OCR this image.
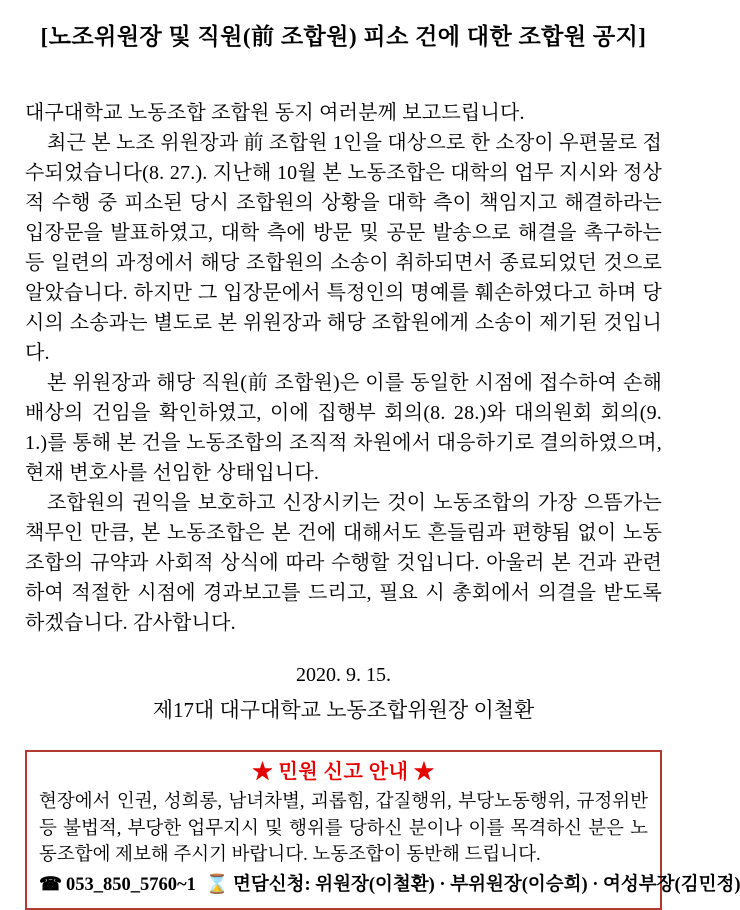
[노조위원장 및 직원(前 조합원) 피소 건에 대한 조합원 공지]

대구대학교 노동조합 조합원 동지 여러분께 보고드립니다.

최근 본 노조 위원장과 前 조합원 1인을 대상으로 한 소장이 우편물로 접수되었습니다(8. 27.). 지난해 10월 본 노동조합은 대학의 업무 지시와 정상적 수행 중 피소된 당시 조합원의 상황을 대학 측이 책임지고 해결하라는 입장문을 발표하였고, 대학 측에 방문 및 공문 발송으로 해결을 촉구하는 등 일련의 과정에서 해당 조합원의 소송이 취하되면서 종료되었던 것으로 알았습니다. 하지만 그 입장문에서 특정인의 명예를 훼손하였다고 하며 당시의 소송과는 별도로 본 위원장과 해당 조합원에게 소송이 제기된 것입니다.

본 위원장과 해당 직원(前 조합원)은 이를 동일한 시점에 접수하여 손해배상의 건임을 확인하였고, 이에 집행부 회의(8. 28.)와 대의원회 회의(9. 1.)를 통해 본 건을 노동조합의 조직적 차원에서 대응하기로 결의하였으며, 현재 변호사를 선임한 상태입니다.

조합원의 권익을 보호하고 신장시키는 것이 노동조합의 가장 으뜸가는 책무인 만큼, 본 노동조합은 본 건에 대해서도 흔들림과 편향됨 없이 노동조합의 규약과 사회적 상식에 따라 수행할 것입니다. 아울러 본 건과 관련하여 적절한 시점에 경과보고를 드리고, 필요 시 총회에서 의결을 받도록 하겠습니다. 감사합니다.

2020. 9. 15.
제17대 대구대학교 노동조합위원장 이철환
★ 민원 신고 안내 ★

현장에서 인권, 성희롱, 남녀차별, 괴롭힘, 갑질행위, 부당노동행위, 규정위반 등 불법적, 부당한 업무지시 및 행위를 당하신 분이나 이를 목격하신 분은 노동조합에 제보해 주시기 바랍니다. 노동조합이 동반해 드립니다.

☎ 053_850_5760~1 ⌛ 면담신청: 위원장(이철환) · 부위원장(이승희) · 여성부장(김민정)
